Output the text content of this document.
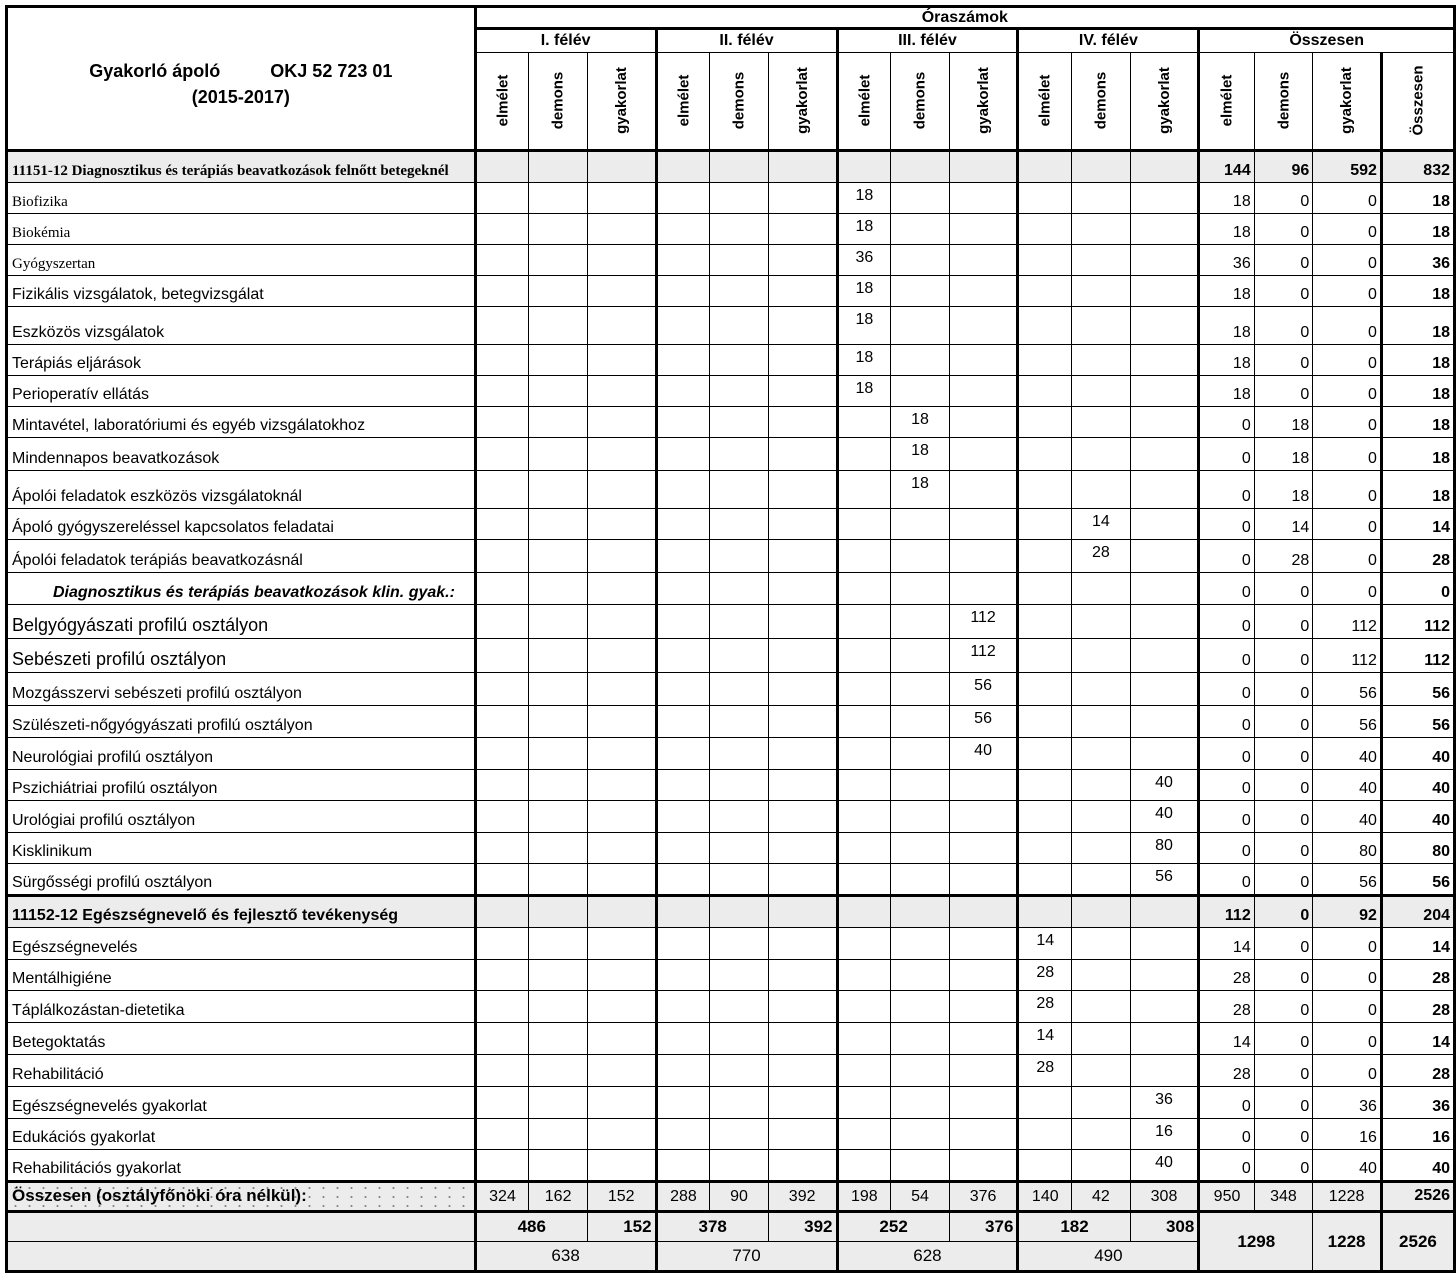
Gyakorló ápoló OKJ 52 723 01
(2015-2017)	Óraszámok															
	I. félév			II. félév			III. félév			IV. félév			Összesen			
	elmélet	demons	gyakorlat	elmélet	demons	gyakorlat	elmélet	demons	gyakorlat	elmélet	demons	gyakorlat	elmélet	demons	gyakorlat	Összesen
11151-12 Diagnosztikus és terápiás beavatkozások felnőtt betegeknél													144	96	592	832
Biofizika							18						18	0	0	18
Biokémia							18						18	0	0	18
Gyógyszertan							36						36	0	0	36
Fizikális vizsgálatok, betegvizsgálat							18						18	0	0	18
Eszközös vizsgálatok							18						18	0	0	18
Terápiás eljárások							18						18	0	0	18
Perioperatív ellátás							18						18	0	0	18
Mintavétel, laboratóriumi és egyéb vizsgálatokhoz								18					0	18	0	18
Mindennapos beavatkozások								18					0	18	0	18
Ápolói feladatok eszközös vizsgálatoknál								18					0	18	0	18
Ápoló gyógyszereléssel kapcsolatos feladatai											14		0	14	0	14
Ápolói feladatok terápiás beavatkozásnál											28		0	28	0	28
Diagnosztikus és terápiás beavatkozások klin. gyak.:													0	0	0	0
Belgyógyászati profilú osztályon									112				0	0	112	112
Sebészeti profilú osztályon									112				0	0	112	112
Mozgásszervi sebészeti profilú osztályon									56				0	0	56	56
Szülészeti-nőgyógyászati profilú osztályon									56				0	0	56	56
Neurológiai profilú osztályon									40				0	0	40	40
Pszichiátriai profilú osztályon												40	0	0	40	40
Urológiai profilú osztályon												40	0	0	40	40
Kisklinikum												80	0	0	80	80
Sürgősségi profilú osztályon												56	0	0	56	56
11152-12 Egészségnevelő és fejlesztő tevékenység													112	0	92	204
Egészségnevelés										14			14	0	0	14
Mentálhigiéne										28			28	0	0	28
Táplálkozástan-dietetika										28			28	0	0	28
Betegoktatás										14			14	0	0	14
Rehabilitáció										28			28	0	0	28
Egészségnevelés gyakorlat												36	0	0	36	36
Edukációs gyakorlat												16	0	0	16	16
Rehabilitációs gyakorlat												40	0	0	40	40
Összesen (osztályfőnöki óra nélkül):	324	162	152	288	90	392	198	54	376	140	42	308	950	348	1228	2526
	486		152	378		392	252		376	182		308	1298		1228	2526
	638			770			628			490						
